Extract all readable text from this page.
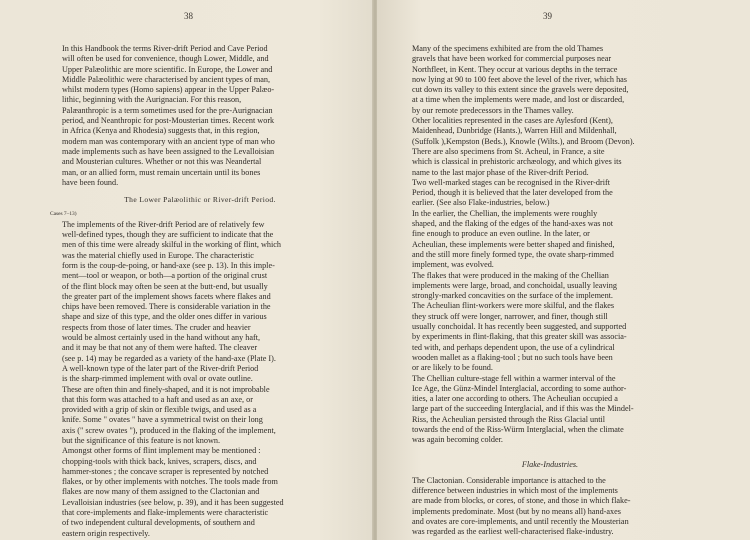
38	39

In this Handbook the terms River-drift Period and Cave Period
will often be used for convenience, though Lower, Middle, and
Upper Palæolithic are more scientific. In Europe, the Lower and
Middle Palæolithic were characterised by ancient types of man,
whilst modern types (Homo sapiens) appear in the Upper Palæo-
lithic, beginning with the Aurignacian. For this reason,
Palæanthropic is a term sometimes used for the pre-Aurignacian
period, and Neanthropic for post-Mousterian times. Recent work
in Africa (Kenya and Rhodesia) suggests that, in this region,
modern man was contemporary with an ancient type of man who
made implements such as have been assigned to the Levalloisian
and Mousterian cultures. Whether or not this was Neandertal
man, or an allied form, must remain uncertain until its bones
have been found.

The Lower Palæolithic or River-drift Period.
Cases 7–13)

The implements of the River-drift Period are of relatively few
well-defined types, though they are sufficient to indicate that the
men of this time were already skilful in the working of flint, which
was the material chiefly used in Europe. The characteristic
form is the coup-de-poing, or hand-axe (see p. 13). In this imple-
ment—tool or weapon, or both—a portion of the original crust
of the flint block may often be seen at the butt-end, but usually
the greater part of the implement shows facets where flakes and
chips have been removed. There is considerable variation in the
shape and size of this type, and the older ones differ in various
respects from those of later times. The cruder and heavier
would be almost certainly used in the hand without any haft,
and it may be that not any of them were hafted. The cleaver
(see p. 14) may be regarded as a variety of the hand-axe (Plate I).

A well-known type of the later part of the River-drift Period
is the sharp-rimmed implement with oval or ovate outline.
These are often thin and finely-shaped, and it is not improbable
that this form was attached to a haft and used as an axe, or
provided with a grip of skin or flexible twigs, and used as a
knife. Some " ovates " have a symmetrical twist on their long
axis (" screw ovates "), produced in the flaking of the implement,
but the significance of this feature is not known.

Amongst other forms of flint implement may be mentioned :
chopping-tools with thick back, knives, scrapers, discs, and
hammer-stones ; the concave scraper is represented by notched
flakes, or by other implements with notches. The tools made from
flakes are now many of them assigned to the Clactonian and
Levalloisian industries (see below, p. 39), and it has been suggested
that core-implements and flake-implements were characteristic
of two independent cultural developments, of southern and
eastern origin respectively.

Many of the specimens exhibited are from the old Thames
gravels that have been worked for commercial purposes near
Northfleet, in Kent. They occur at various depths in the terrace
now lying at 90 to 100 feet above the level of the river, which has
cut down its valley to this extent since the gravels were deposited,
at a time when the implements were made, and lost or discarded,
by our remote predecessors in the Thames valley.

Other localities represented in the cases are Aylesford (Kent),
Maidenhead, Dunbridge (Hants.), Warren Hill and Mildenhall,
(Suffolk ),Kempston (Beds.), Knowle (Wilts.), and Broom (Devon).
There are also specimens from St. Acheul, in France, a site
which is classical in prehistoric archæology, and which gives its
name to the last major phase of the River-drift Period.

Two well-marked stages can be recognised in the River-drift
Period, though it is believed that the later developed from the
earlier. (See also Flake-industries, below.)

In the earlier, the Chellian, the implements were roughly
shaped, and the flaking of the edges of the hand-axes was not
fine enough to produce an even outline. In the later, or
Acheulian, these implements were better shaped and finished,
and the still more finely formed type, the ovate sharp-rimmed
implement, was evolved.

The flakes that were produced in the making of the Chellian
implements were large, broad, and conchoidal, usually leaving
strongly-marked concavities on the surface of the implement.
The Acheulian flint-workers were more skilful, and the flakes
they struck off were longer, narrower, and finer, though still
usually conchoidal. It has recently been suggested, and supported
by experiments in flint-flaking, that this greater skill was associa-
ted with, and perhaps dependent upon, the use of a cylindrical
wooden mallet as a flaking-tool ; but no such tools have been
or are likely to be found.

The Chellian culture-stage fell within a warmer interval of the
Ice Age, the Günz-Mindel Interglacial, according to some author-
ities, a later one according to others. The Acheulian occupied a
large part of the succeeding Interglacial, and if this was the Mindel-
Riss, the Acheulian persisted through the Riss Glacial until
towards the end of the Riss-Würm Interglacial, when the climate
was again becoming colder.

Flake-Industries.

The Clactonian. Considerable importance is attached to the
difference between industries in which most of the implements
are made from blocks, or cores, of stone, and those in which flake-
implements predominate. Most (but by no means all) hand-axes
and ovates are core-implements, and until recently the Mousterian
was regarded as the earliest well-characterised flake-industry.
